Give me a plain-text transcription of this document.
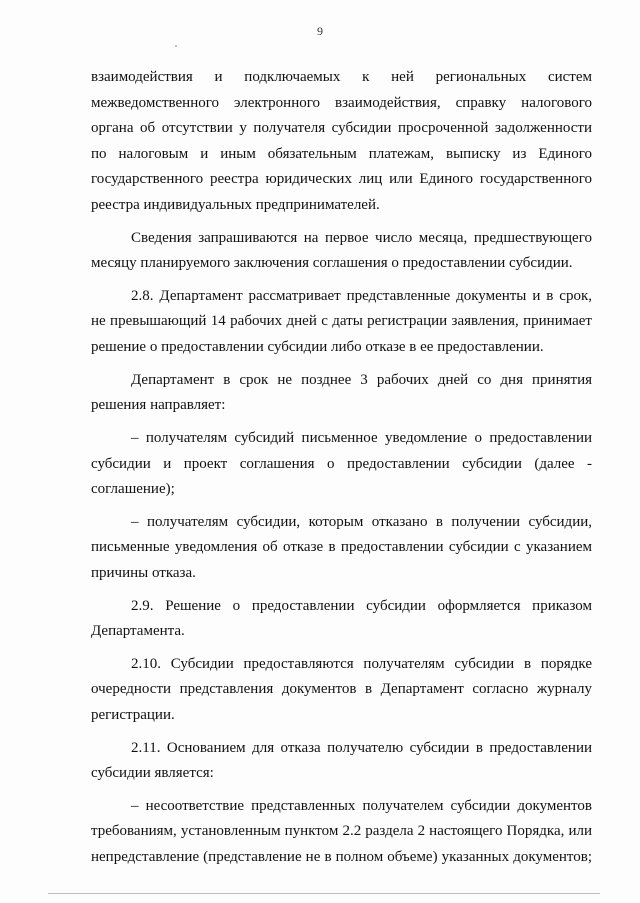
9
взаимодействия и подключаемых к ней региональных систем
межведомственного электронного взаимодействия, справку налогового
органа об отсутствии у получателя субсидии просроченной задолженности
по налоговым и иным обязательным платежам, выписку из Единого
государственного реестра юридических лиц или Единого государственного
реестра индивидуальных предпринимателей.
Сведения запрашиваются на первое число месяца, предшествующего
месяцу планируемого заключения соглашения о предоставлении субсидии.
2.8. Департамент рассматривает представленные документы и в срок,
не превышающий 14 рабочих дней с даты регистрации заявления, принимает
решение о предоставлении субсидии либо отказе в ее предоставлении.
Департамент в срок не позднее 3 рабочих дней со дня принятия
решения направляет:
– получателям субсидий письменное уведомление о предоставлении
субсидии и проект соглашения о предоставлении субсидии (далее -
соглашение);
– получателям субсидии, которым отказано в получении субсидии,
письменные уведомления об отказе в предоставлении субсидии с указанием
причины отказа.
2.9. Решение о предоставлении субсидии оформляется приказом
Департамента.
2.10. Субсидии предоставляются получателям субсидии в порядке
очередности представления документов в Департамент согласно журналу
регистрации.
2.11. Основанием для отказа получателю субсидии в предоставлении
субсидии является:
– несоответствие представленных получателем субсидии документов
требованиям, установленным пунктом 2.2 раздела 2 настоящего Порядка, или
непредставление (представление не в полном объеме) указанных документов;
